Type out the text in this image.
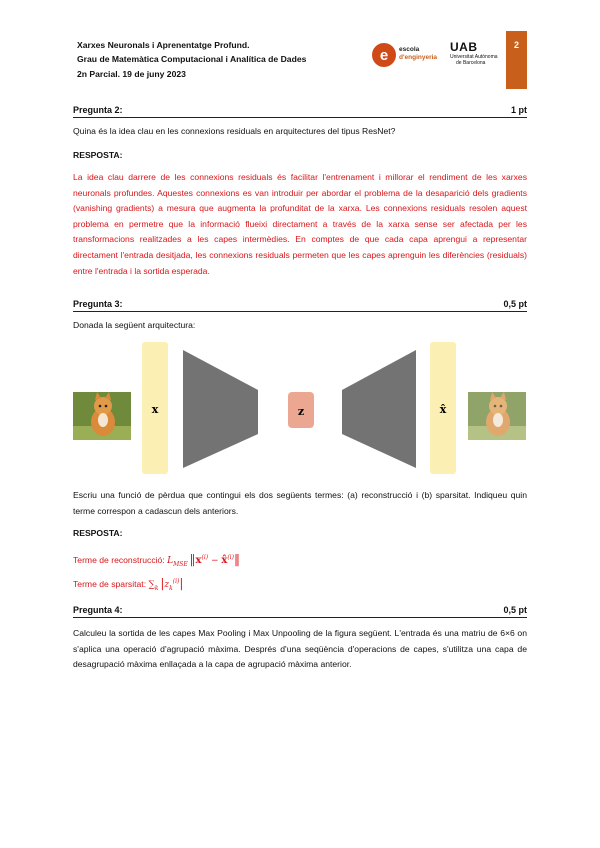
Xarxes Neuronals i Aprenentatge Profund.
Grau de Matemàtica Computacional i Analítica de Dades
2n Parcial. 19 de juny 2023
e escola
d'enginyeria
UAB
Universitat Autònoma
de Barcelona
2
Pregunta 2:	1 pt
Quina és la idea clau en les connexions residuals en arquitectures del tipus ResNet?
RESPOSTA:
La idea clau darrere de les connexions residuals és facilitar l'entrenament i millorar el rendiment de les xarxes neuronals profundes. Aquestes connexions es van introduir per abordar el problema de la desaparició dels gradients (vanishing gradients) a mesura que augmenta la profunditat de la xarxa. Les connexions residuals resolen aquest problema en permetre que la informació flueixi directament a través de la xarxa sense ser afectada per les transformacions realitzades a les capes intermèdies. En comptes de que cada capa aprengui a representar directament l'entrada desitjada, les connexions residuals permeten que les capes aprenguin les diferències (residuals) entre l'entrada i la sortida esperada.
Pregunta 3:	0,5 pt
Donada la següent arquitectura:
x	z	x̂
Escriu una funció de pèrdua que contingui els dos següents termes: (a) reconstrucció i (b) sparsitat. Indiqueu quin terme correspon a cadascun dels anteriors.
RESPOSTA:
Terme de reconstrucció: $L_{MSE}$  $‖x^{(i)}$ − x̂$^{(i)}$‖
Terme de sparsitat: $\sum_k$  $|z_k^{(i)}|$
Pregunta 4:	0,5 pt
Calculeu la sortida de les capes Max Pooling i Max Unpooling de la figura següent. L'entrada és una matriu de 6×6 on s'aplica una operació d'agrupació màxima. Després d'una seqüència d'operacions de capes, s'utilitza una capa de desagrupació màxima enllaçada a la capa de agrupació màxima anterior.
